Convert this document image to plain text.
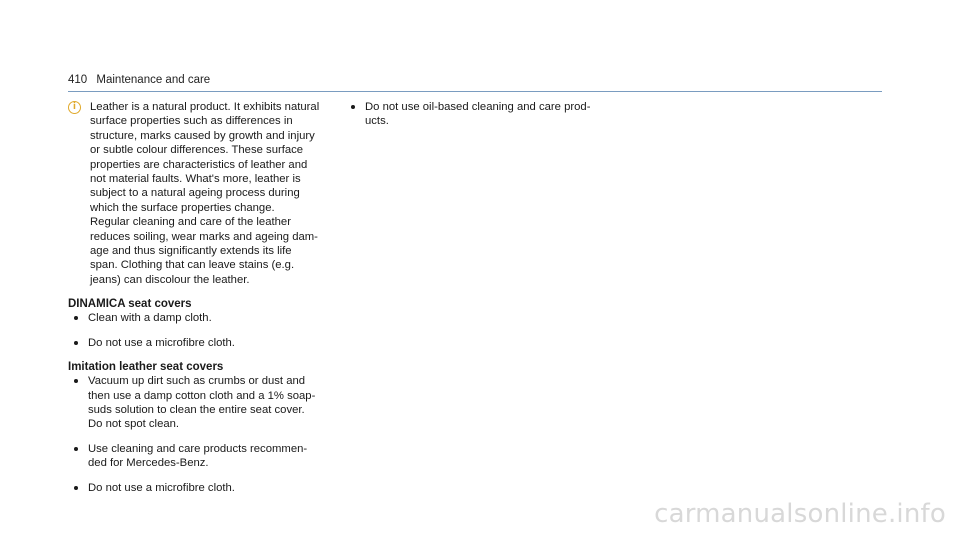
410 Maintenance and care
i	Leather is a natural product. It exhibits natural
surface properties such as differences in
structure, marks caused by growth and injury
or subtle colour differences. These surface
properties are characteristics of leather and
not material faults. What's more, leather is
subject to a natural ageing process during
which the surface properties change.
Regular cleaning and care of the leather
reduces soiling, wear marks and ageing dam-
age and thus significantly extends its life
span. Clothing that can leave stains (e.g.
jeans) can discolour the leather.
DINAMICA seat covers
Clean with a damp cloth.
Do not use a microfibre cloth.
Imitation leather seat covers
Vacuum up dirt such as crumbs or dust and
then use a damp cotton cloth and a 1% soap-
suds solution to clean the entire seat cover.
Do not spot clean.
Use cleaning and care products recommen-
ded for Mercedes-Benz.
Do not use a microfibre cloth.
Do not use oil-based cleaning and care prod-
ucts.
carmanualsonline.info
